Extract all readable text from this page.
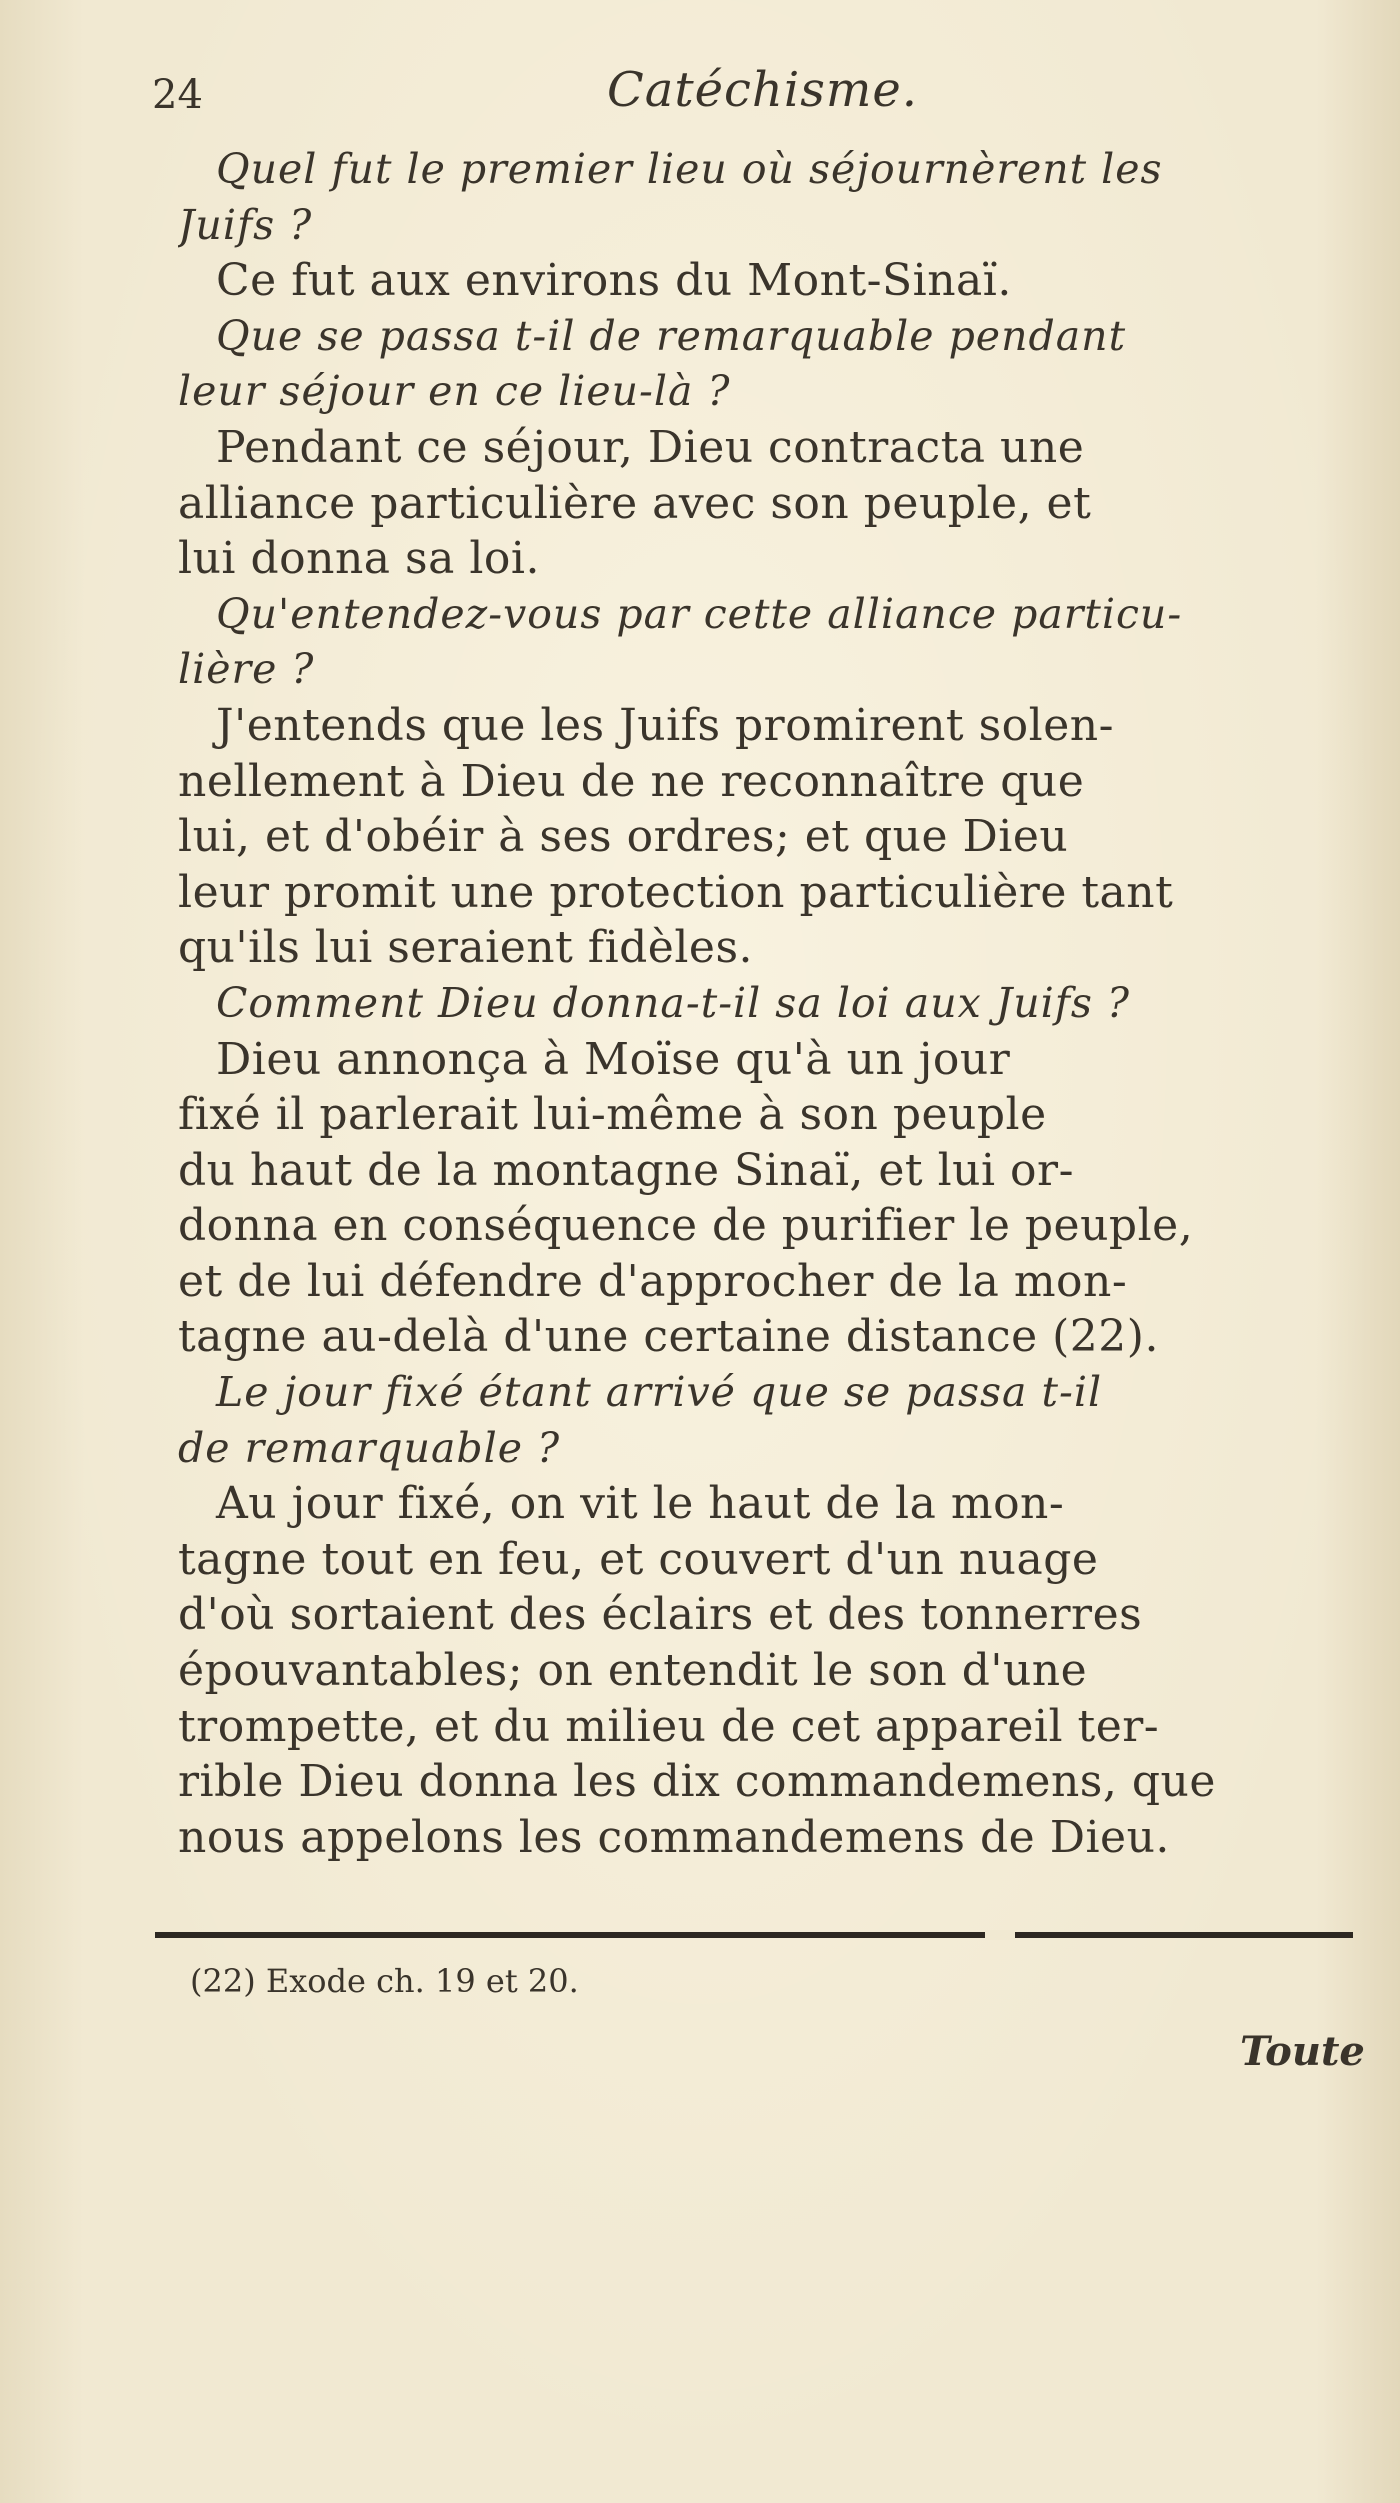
24	Catéchisme.
Quel fut le premier lieu où séjournèrent les
Juifs ?
Ce fut aux environs du Mont-Sinaï.
Que se passa t-il de remarquable pendant
leur séjour en ce lieu-là ?
Pendant ce séjour, Dieu contracta une
alliance particulière avec son peuple, et
lui donna sa loi.
Qu'entendez-vous par cette alliance particu-
lière ?
J'entends que les Juifs promirent solen-
nellement à Dieu de ne reconnaître que
lui, et d'obéir à ses ordres; et que Dieu
leur promit une protection particulière tant
qu'ils lui seraient fidèles.
Comment Dieu donna-t-il sa loi aux Juifs ?
Dieu annonça à Moïse qu'à un jour
fixé il parlerait lui-même à son peuple
du haut de la montagne Sinaï, et lui or-
donna en conséquence de purifier le peuple,
et de lui défendre d'approcher de la mon-
tagne au-delà d'une certaine distance (22).
Le jour fixé étant arrivé que se passa t-il
de remarquable ?
Au jour fixé, on vit le haut de la mon-
tagne tout en feu, et couvert d'un nuage
d'où sortaient des éclairs et des tonnerres
épouvantables; on entendit le son d'une
trompette, et du milieu de cet appareil ter-
rible Dieu donna les dix commandemens, que
nous appelons les commandemens de Dieu.
(22) Exode ch. 19 et 20.
Toute
